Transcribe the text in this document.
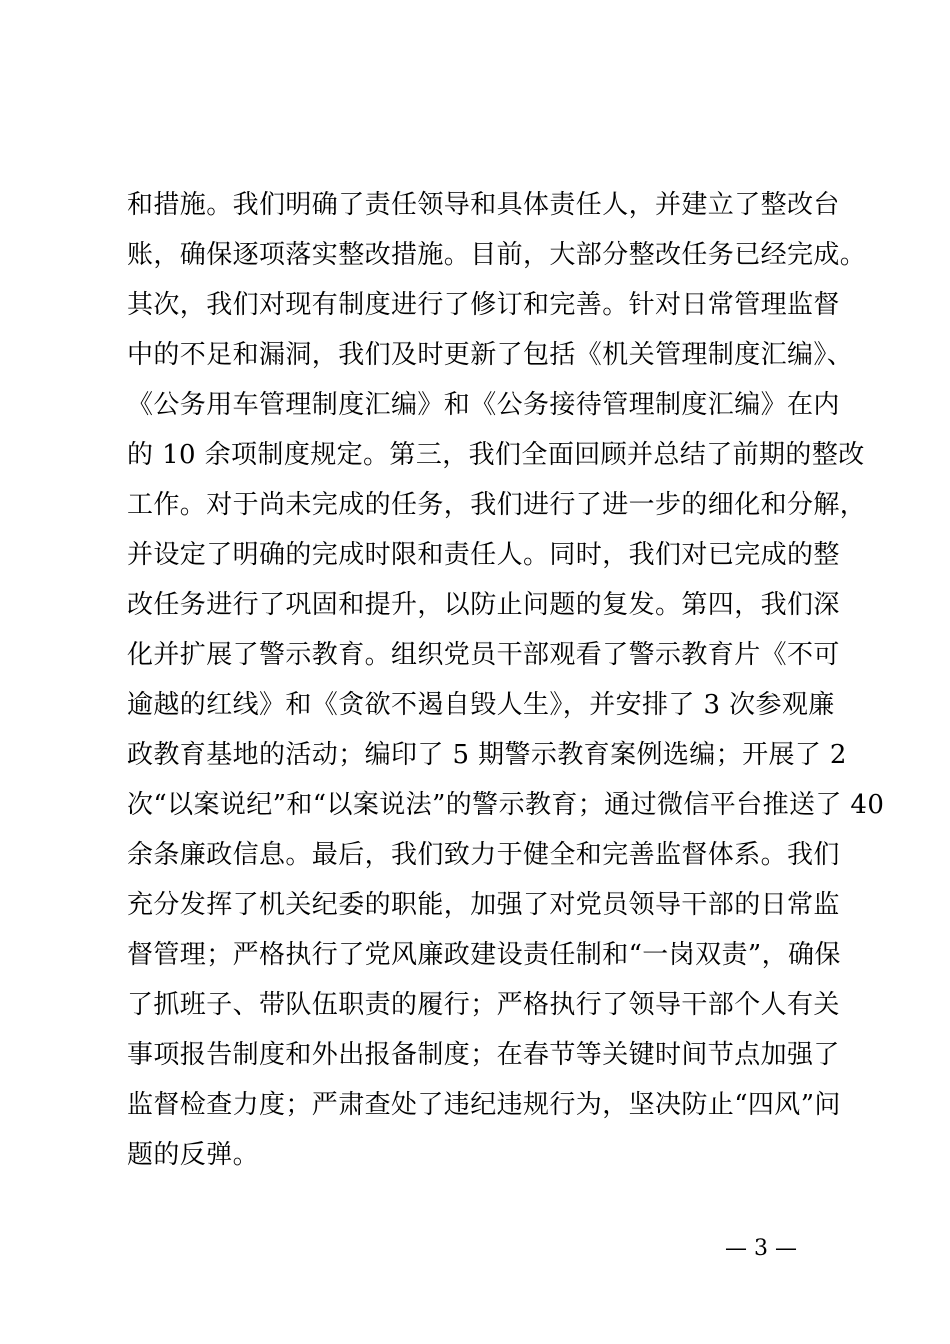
和措施。我们明确了责任领导和具体责任人，并建立了整改台
账，确保逐项落实整改措施。目前，大部分整改任务已经完成。
其次，我们对现有制度进行了修订和完善。针对日常管理监督
中的不足和漏洞，我们及时更新了包括《机关管理制度汇编》、
《公务用车管理制度汇编》和《公务接待管理制度汇编》在内
的 10 余项制度规定。第三，我们全面回顾并总结了前期的整改
工作。对于尚未完成的任务，我们进行了进一步的细化和分解，
并设定了明确的完成时限和责任人。同时，我们对已完成的整
改任务进行了巩固和提升，以防止问题的复发。第四，我们深
化并扩展了警示教育。组织党员干部观看了警示教育片《不可
逾越的红线》和《贪欲不遏自毁人生》，并安排了 3 次参观廉
政教育基地的活动；编印了 5 期警示教育案例选编；开展了 2
次“以案说纪”和“以案说法”的警示教育；通过微信平台推送了 40
余条廉政信息。最后，我们致力于健全和完善监督体系。我们
充分发挥了机关纪委的职能，加强了对党员领导干部的日常监
督管理；严格执行了党风廉政建设责任制和“一岗双责”，确保
了抓班子、带队伍职责的履行；严格执行了领导干部个人有关
事项报告制度和外出报备制度；在春节等关键时间节点加强了
监督检查力度；严肃查处了违纪违规行为，坚决防止“四风”问
题的反弹。
— 3 —
